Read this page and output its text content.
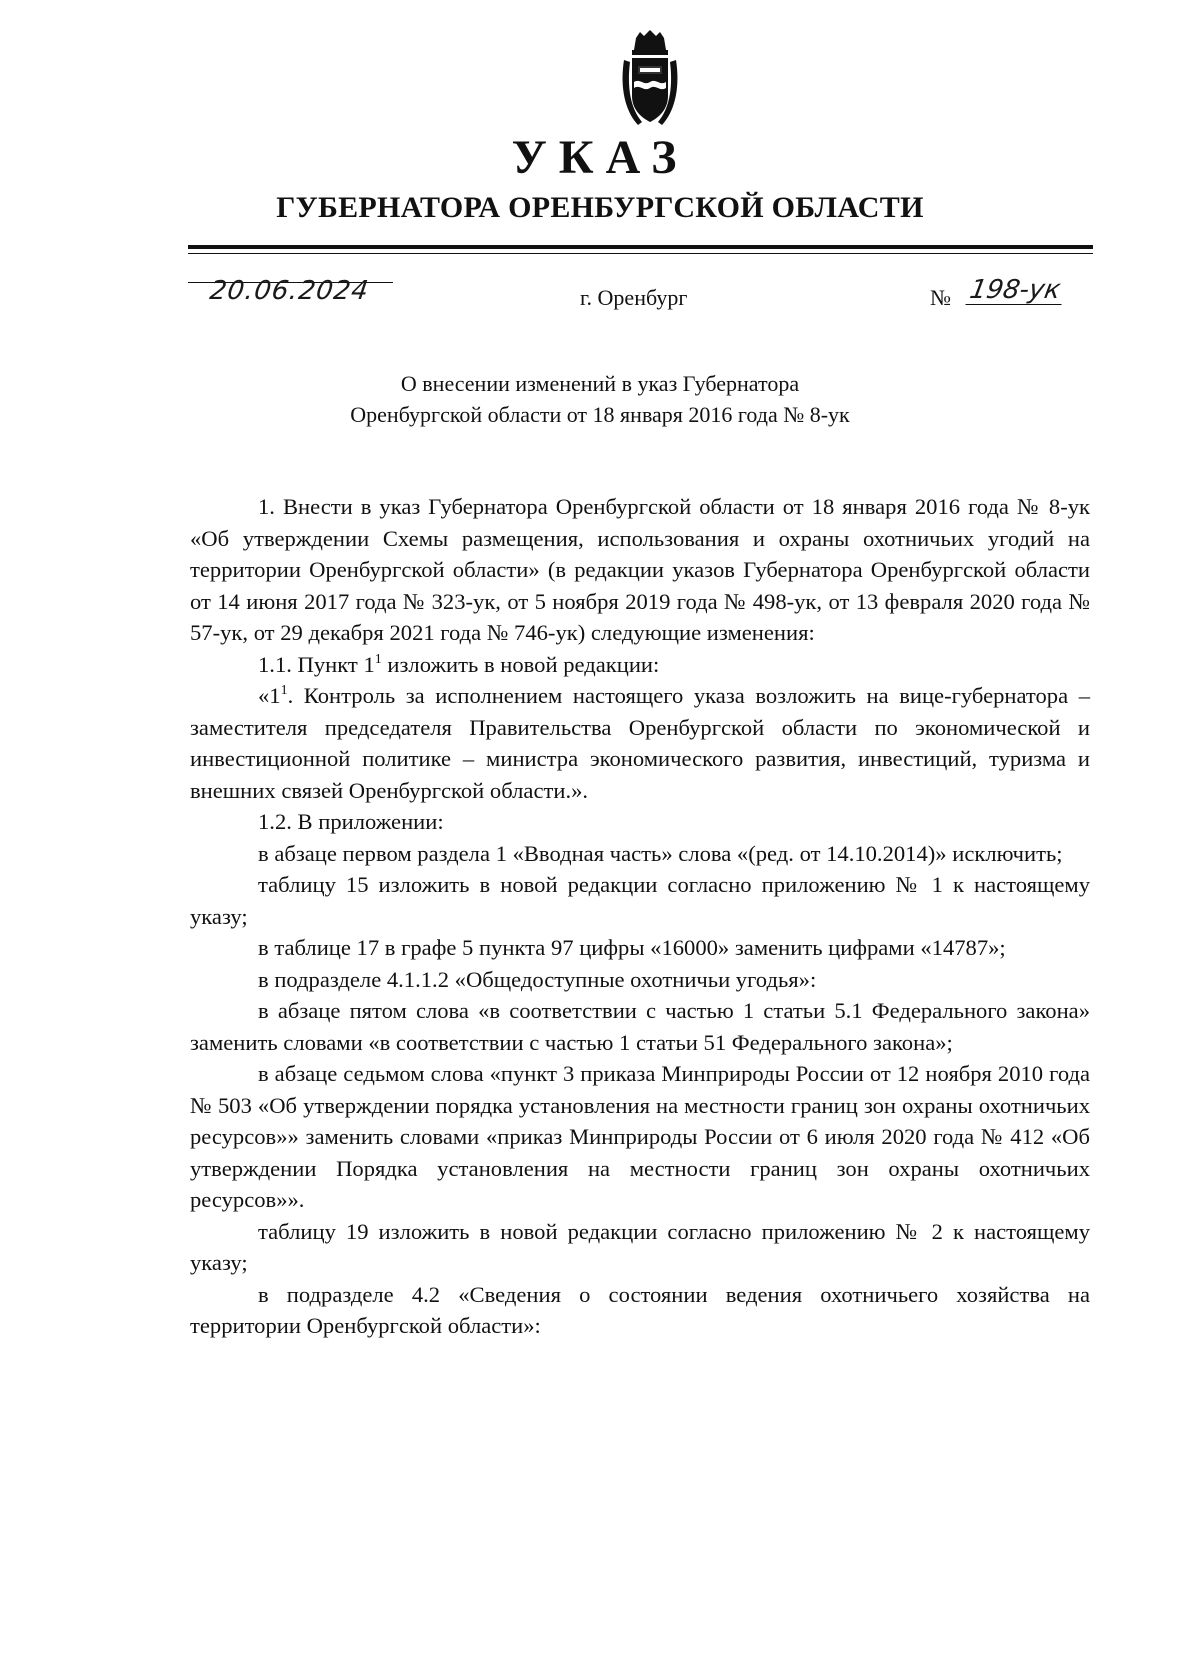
УКАЗ
ГУБЕРНАТОРА ОРЕНБУРГСКОЙ ОБЛАСТИ
20.06.2024	г. Оренбург	№ 198-ук
О внесении изменений в указ Губернатора
Оренбургской области от 18 января 2016 года № 8-ук

1. Внести в указ Губернатора Оренбургской области от 18 января 2016 года № 8-ук «Об утверждении Схемы размещения, использования и охраны охотничьих угодий на территории Оренбургской области» (в редакции указов Губернатора Оренбургской области от 14 июня 2017 года № 323-ук, от 5 ноября 2019 года № 498-ук, от 13 февраля 2020 года № 57-ук, от 29 декабря 2021 года № 746-ук) следующие изменения:

1.1. Пункт $1^1$ изложить в новой редакции:

«$1^1$. Контроль за исполнением настоящего указа возложить на вице-губернатора – заместителя председателя Правительства Оренбургской области по экономической и инвестиционной политике – министра экономического развития, инвестиций, туризма и внешних связей Оренбургской области.».

1.2. В приложении:

в абзаце первом раздела 1 «Вводная часть» слова «(ред. от 14.10.2014)» исключить;

таблицу 15 изложить в новой редакции согласно приложению № 1 к настоящему указу;

в таблице 17 в графе 5 пункта 97 цифры «16000» заменить цифрами «14787»;

в подразделе 4.1.1.2 «Общедоступные охотничьи угодья»:

в абзаце пятом слова «в соответствии с частью 1 статьи 5.1 Федерального закона» заменить словами «в соответствии с частью 1 статьи 51 Федерального закона»;

в абзаце седьмом слова «пункт 3 приказа Минприроды России от 12 ноября 2010 года № 503 «Об утверждении порядка установления на местности границ зон охраны охотничьих ресурсов»» заменить словами «приказ Минприроды России от 6 июля 2020 года № 412 «Об утверждении Порядка установления на местности границ зон охраны охотничьих ресурсов»».

таблицу 19 изложить в новой редакции согласно приложению № 2 к настоящему указу;

в подразделе 4.2 «Сведения о состоянии ведения охотничьего хозяйства на территории Оренбургской области»:
